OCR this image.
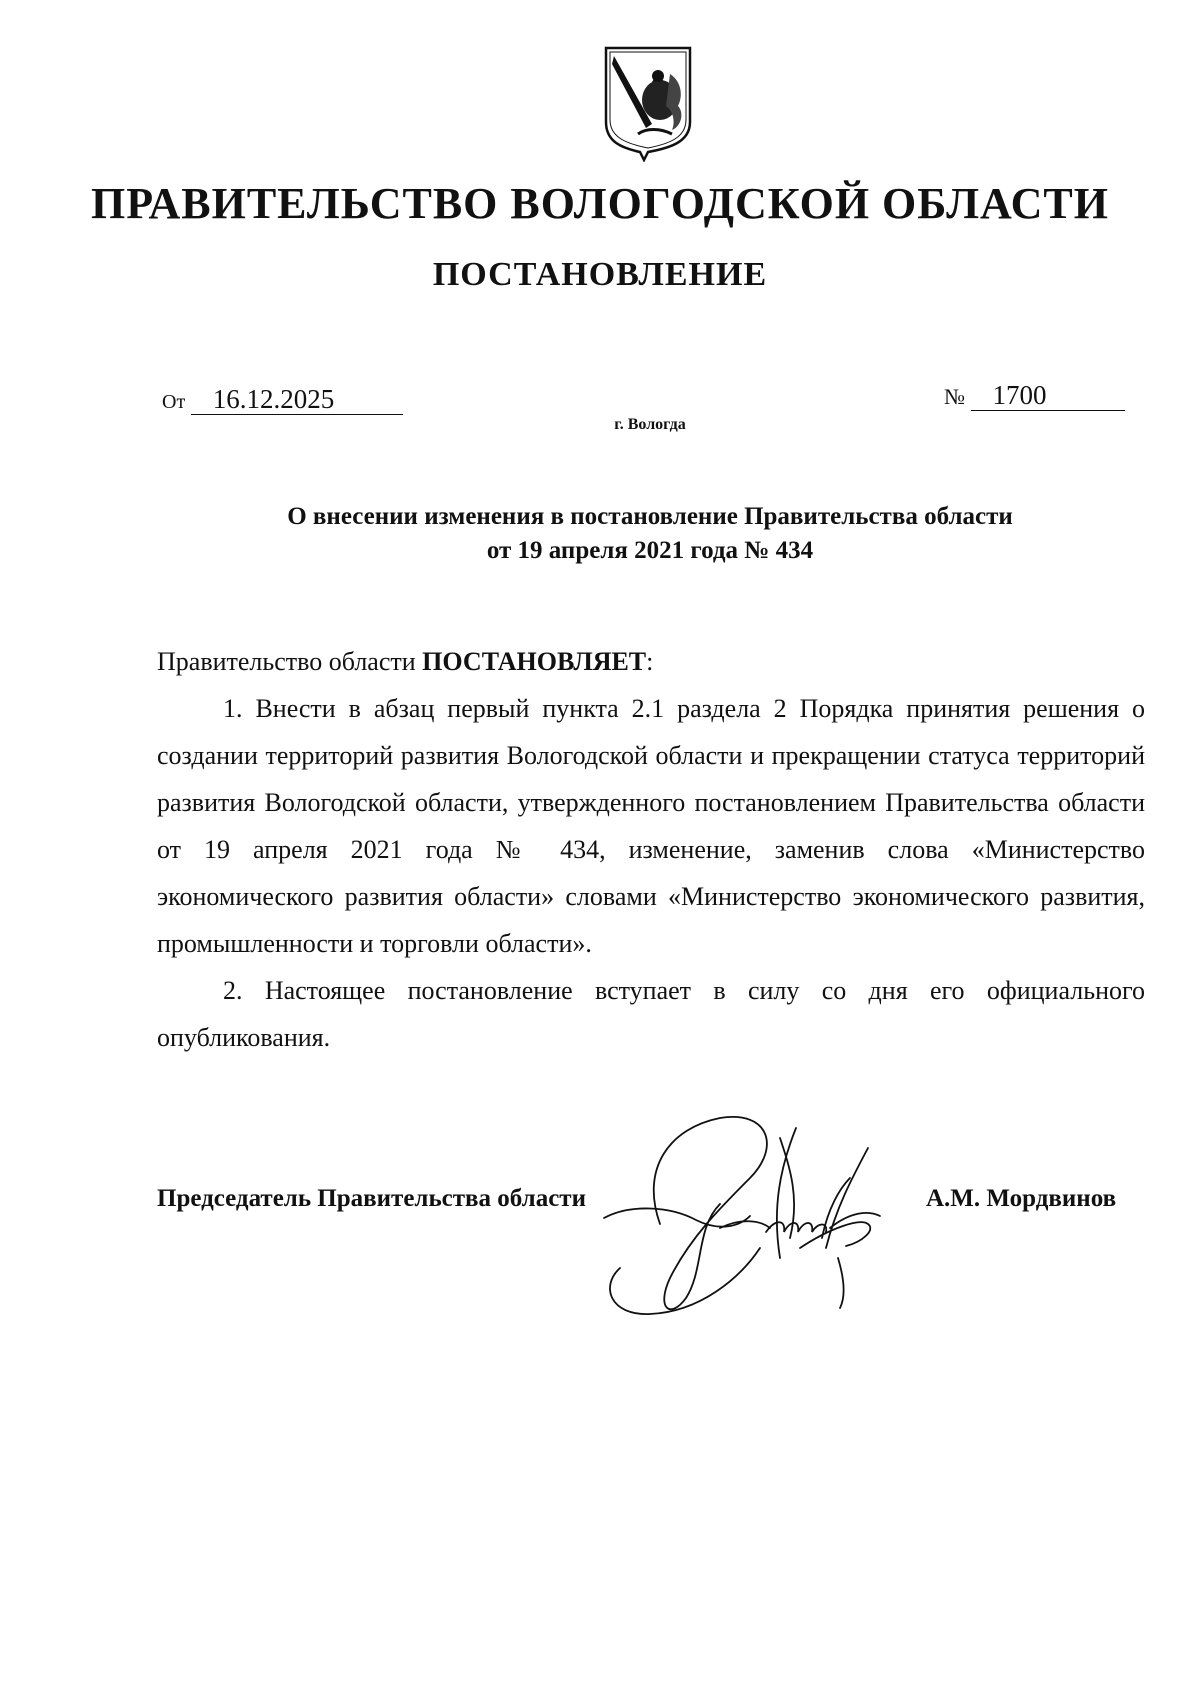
ПРАВИТЕЛЬСТВО ВОЛОГОДСКОЙ ОБЛАСТИ
ПОСТАНОВЛЕНИЕ
От 16.12.2025	№ 1700
г. Вологда
О внесении изменения в постановление Правительства области
от 19 апреля 2021 года № 434

Правительство области ПОСТАНОВЛЯЕТ:

1. Внести в абзац первый пункта 2.1 раздела 2 Порядка принятия решения о создании территорий развития Вологодской области и прекращении статуса территорий развития Вологодской области, утвержденного постановлением Правительства области от 19 апреля 2021 года № 434, изменение, заменив слова «Министерство экономического развития области» словами «Министерство экономического развития, промышленности и торговли области».

2. Настоящее постановление вступает в силу со дня его официального опубликования.

Председатель Правительства области	А.М. Мордвинов
